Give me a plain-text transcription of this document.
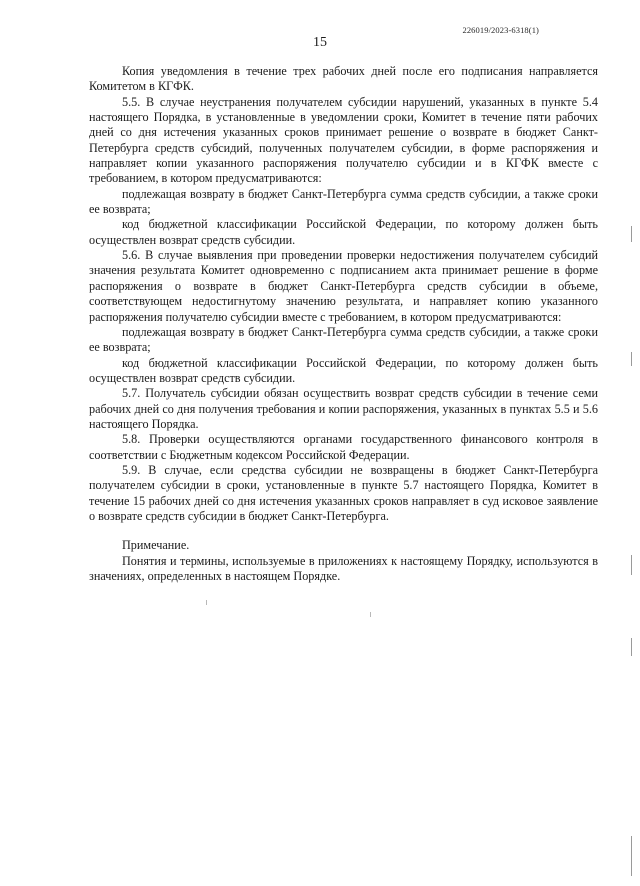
226019/2023-6318(1)
15

Копия уведомления в течение трех рабочих дней после его подписания направляется Комитетом в КГФК.

5.5. В случае неустранения получателем субсидии нарушений, указанных в пункте 5.4 настоящего Порядка, в установленные в уведомлении сроки, Комитет в течение пяти рабочих дней со дня истечения указанных сроков принимает решение о возврате в бюджет Санкт-Петербурга средств субсидий, полученных получателем субсидии, в форме распоряжения и направляет копии указанного распоряжения получателю субсидии и в КГФК вместе с требованием, в котором предусматриваются:

подлежащая возврату в бюджет Санкт-Петербурга сумма средств субсидии, а также сроки ее возврата;

код бюджетной классификации Российской Федерации, по которому должен быть осуществлен возврат средств субсидии.

5.6. В случае выявления при проведении проверки недостижения получателем субсидий значения результата Комитет одновременно с подписанием акта принимает решение в форме распоряжения о возврате в бюджет Санкт-Петербурга средств субсидии в объеме, соответствующем недостигнутому значению результата, и направляет копию указанного распоряжения получателю субсидии вместе с требованием, в котором предусматриваются:

подлежащая возврату в бюджет Санкт-Петербурга сумма средств субсидии, а также сроки ее возврата;

код бюджетной классификации Российской Федерации, по которому должен быть осуществлен возврат средств субсидии.

5.7. Получатель субсидии обязан осуществить возврат средств субсидии в течение семи рабочих дней со дня получения требования и копии распоряжения, указанных в пунктах 5.5 и 5.6 настоящего Порядка.

5.8. Проверки осуществляются органами государственного финансового контроля в соответствии с Бюджетным кодексом Российской Федерации.

5.9. В случае, если средства субсидии не возвращены в бюджет Санкт-Петербурга получателем субсидии в сроки, установленные в пункте 5.7 настоящего Порядка, Комитет в течение 15 рабочих дней со дня истечения указанных сроков направляет в суд исковое заявление о возврате средств субсидии в бюджет Санкт-Петербурга.

Примечание.

Понятия и термины, используемые в приложениях к настоящему Порядку, используются в значениях, определенных в настоящем Порядке.
